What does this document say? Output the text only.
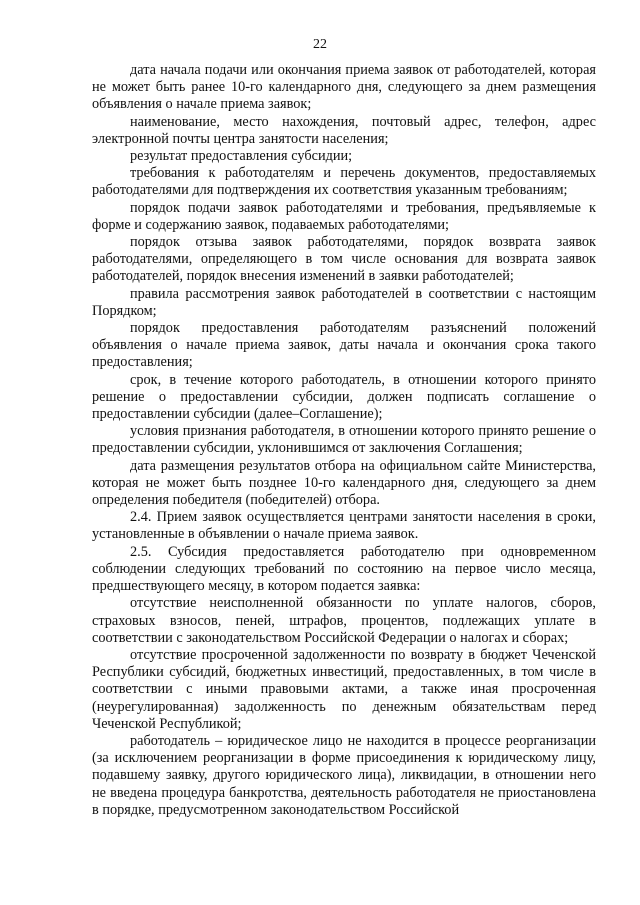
22

дата начала подачи или окончания приема заявок от работодателей, которая не может быть ранее 10-го календарного дня, следующего за днем размещения объявления о начале приема заявок;

наименование, место нахождения, почтовый адрес, телефон, адрес электронной почты центра занятости населения;

результат предоставления субсидии;

требования к работодателям и перечень документов, предоставляемых работодателями для подтверждения их соответствия указанным требованиям;

порядок подачи заявок работодателями и требования, предъявляемые к форме и содержанию заявок, подаваемых работодателями;

порядок отзыва заявок работодателями, порядок возврата заявок работодателями, определяющего в том числе основания для возврата заявок работодателей, порядок внесения изменений в заявки работодателей;

правила рассмотрения заявок работодателей в соответствии с настоящим Порядком;

порядок предоставления работодателям разъяснений положений объявления о начале приема заявок, даты начала и окончания срока такого предоставления;

срок, в течение которого работодатель, в отношении которого принято решение о предоставлении субсидии, должен подписать соглашение о предоставлении субсидии (далее–Соглашение);

условия признания работодателя, в отношении которого принято решение о предоставлении субсидии, уклонившимся от заключения Соглашения;

дата размещения результатов отбора на официальном сайте Министерства, которая не может быть позднее 10-го календарного дня, следующего за днем определения победителя (победителей) отбора.

2.4. Прием заявок осуществляется центрами занятости населения в сроки, установленные в объявлении о начале приема заявок.

2.5. Субсидия предоставляется работодателю при одновременном соблюдении следующих требований по состоянию на первое число месяца, предшествующего месяцу, в котором подается заявка:

отсутствие неисполненной обязанности по уплате налогов, сборов, страховых взносов, пеней, штрафов, процентов, подлежащих уплате в соответствии с законодательством Российской Федерации о налогах и сборах;

отсутствие просроченной задолженности по возврату в бюджет Чеченской Республики субсидий, бюджетных инвестиций, предоставленных, в том числе в соответствии с иными правовыми актами, а также иная просроченная (неурегулированная) задолженность по денежным обязательствам перед Чеченской Республикой;

работодатель – юридическое лицо не находится в процессе реорганизации (за исключением реорганизации в форме присоединения к юридическому лицу, подавшему заявку, другого юридического лица), ликвидации, в отношении него не введена процедура банкротства, деятельность работодателя не приостановлена в порядке, предусмотренном законодательством Российской
